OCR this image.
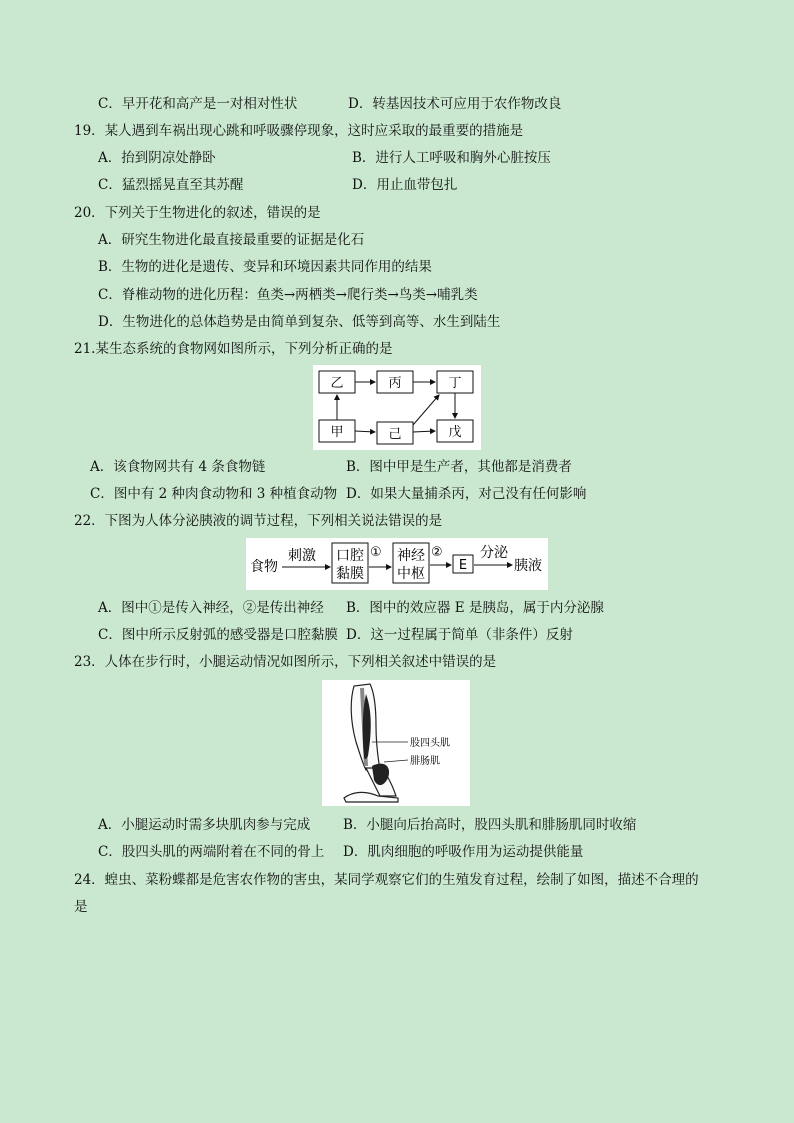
C．早开花和高产是一对相对性状	D．转基因技术可应用于农作物改良
19．某人遇到车祸出现心跳和呼吸骤停现象，这时应采取的最重要的措施是
A．抬到阴凉处静卧	B．进行人工呼吸和胸外心脏按压
C．猛烈摇晃直至其苏醒	D．用止血带包扎
20．下列关于生物进化的叙述，错误的是
A．研究生物进化最直接最重要的证据是化石
B．生物的进化是遗传、变异和环境因素共同作用的结果
C．脊椎动物的进化历程：鱼类→两栖类→爬行类→鸟类→哺乳类
D．生物进化的总体趋势是由简单到复杂、低等到高等、水生到陆生
21.某生态系统的食物网如图所示，下列分析正确的是
乙	丙	丁
甲	己	戊
A．该食物网共有 4 条食物链	B．图中甲是生产者，其他都是消费者
C．图中有 2 种肉食动物和 3 种植食动物 D．如果大量捕杀丙，对己没有任何影响
22．下图为人体分泌胰液的调节过程，下列相关说法错误的是
食物
刺激 口腔
黏膜
① 神经
中枢
②
E
分泌
胰液
A．图中①是传入神经，②是传出神经 B．图中的效应器 E 是胰岛，属于内分泌腺
C．图中所示反射弧的感受器是口腔黏膜 D．这一过程属于简单（非条件）反射
23．人体在步行时，小腿运动情况如图所示，下列相关叙述中错误的是
股四头肌
腓肠肌
A．小腿运动时需多块肌肉参与完成 B．小腿向后抬高时，股四头肌和腓肠肌同时收缩
C．股四头肌的两端附着在不同的骨上 D．肌肉细胞的呼吸作用为运动提供能量
24．蝗虫、菜粉蝶都是危害农作物的害虫，某同学观察它们的生殖发育过程，绘制了如图，描述不合理的
是
